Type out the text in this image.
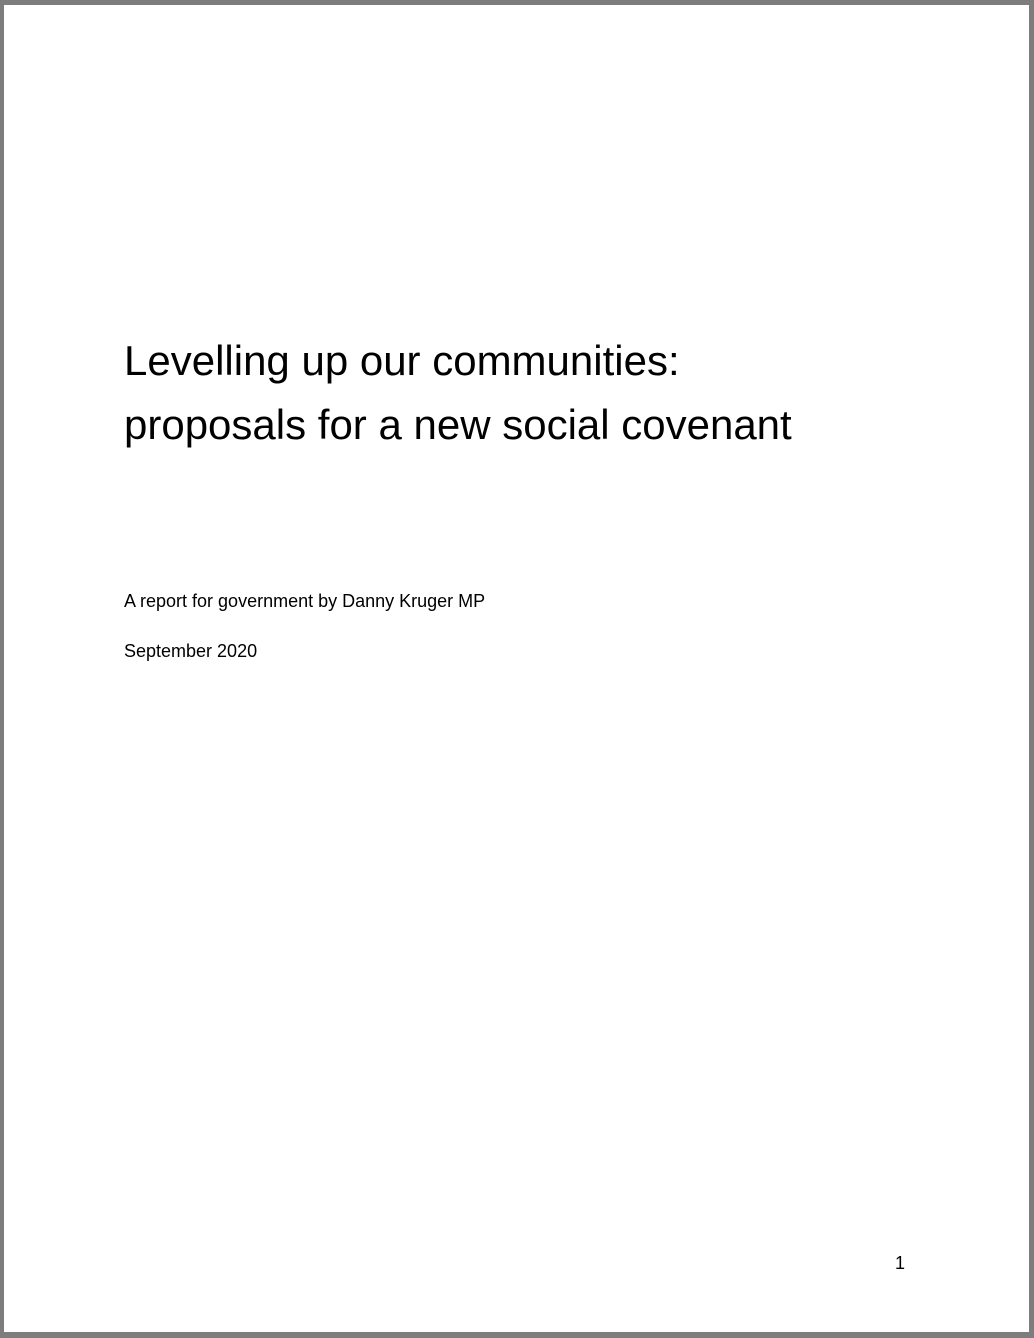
Levelling up our communities:
proposals for a new social covenant

A report for government by Danny Kruger MP

September 2020

1
